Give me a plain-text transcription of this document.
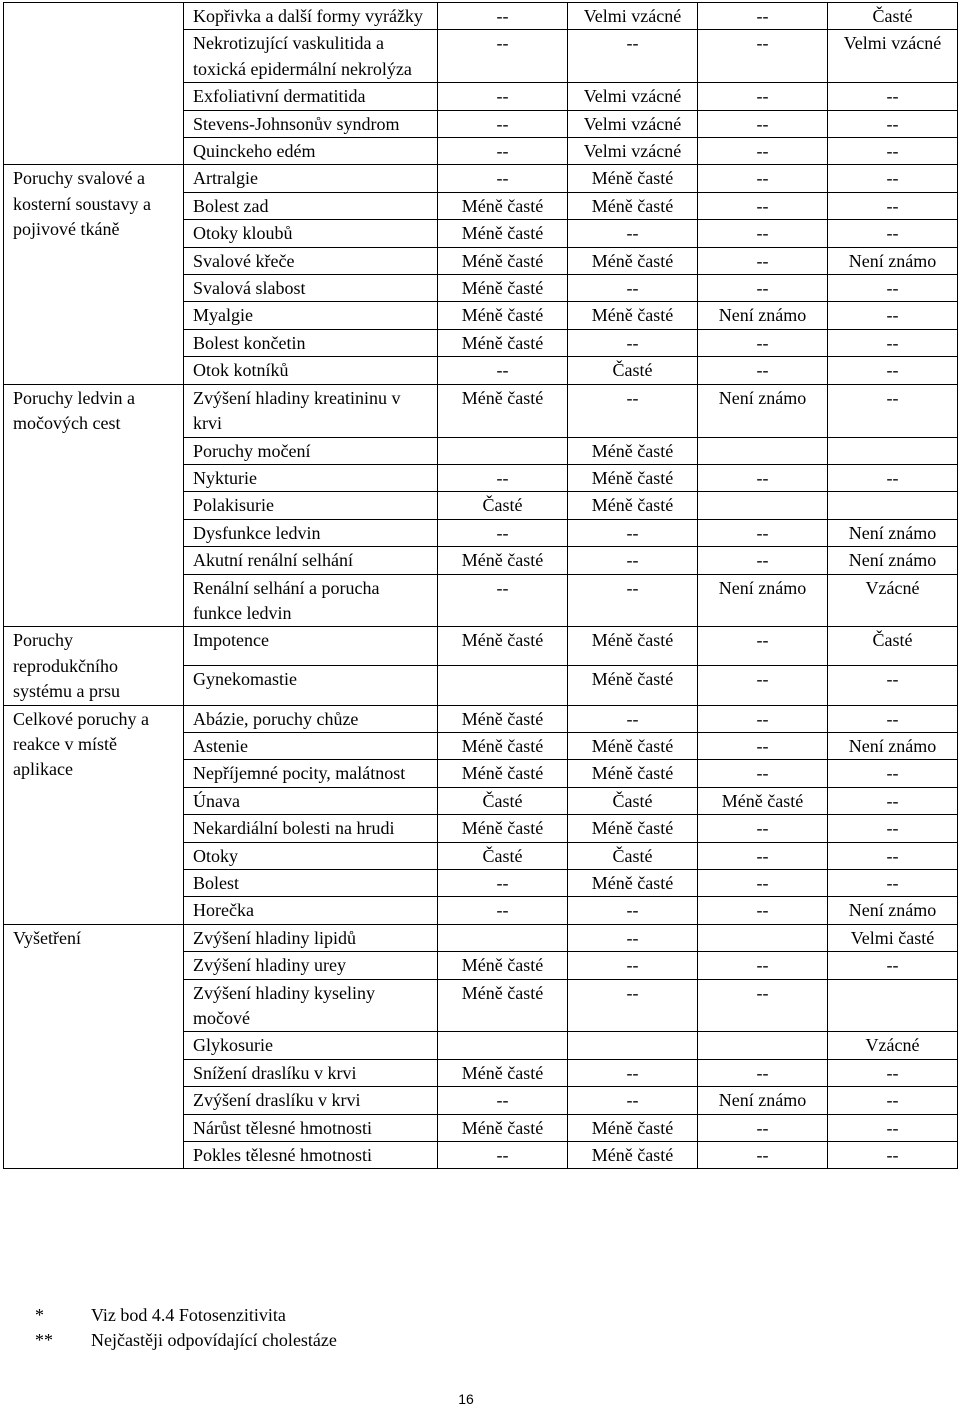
	Kopřivka a další formy vyrážky	--	Velmi vzácné	--	Časté
	Nekrotizující vaskulitida a toxická epidermální nekrolýza	--	--	--	Velmi vzácné
	Exfoliativní dermatitida	--	Velmi vzácné	--	--
	Stevens-Johnsonův syndrom	--	Velmi vzácné	--	--
	Quinckeho edém	--	Velmi vzácné	--	--
Poruchy svalové a kosterní soustavy a pojivové tkáně	Artralgie	--	Méně časté	--	--
	Bolest zad	Méně časté	Méně časté	--	--
	Otoky kloubů	Méně časté	--	--	--
	Svalové křeče	Méně časté	Méně časté	--	Není známo
	Svalová slabost	Méně časté	--	--	--
	Myalgie	Méně časté	Méně časté	Není známo	--
	Bolest končetin	Méně časté	--	--	--
	Otok kotníků	--	Časté	--	--
Poruchy ledvin a močových cest	Zvýšení hladiny kreatininu v krvi	Méně časté	--	Není známo	--
	Poruchy močení		Méně časté		
	Nykturie	--	Méně časté	--	--
	Polakisurie	Časté	Méně časté		
	Dysfunkce ledvin	--	--	--	Není známo
	Akutní renální selhání	Méně časté	--	--	Není známo
	Renální selhání a porucha funkce ledvin	--	--	Není známo	Vzácné
Poruchy reprodukčního systému a prsu	Impotence	Méně časté	Méně časté	--	Časté
	Gynekomastie		Méně časté	--	--
Celkové poruchy a reakce v místě aplikace	Abázie, poruchy chůze	Méně časté	--	--	--
	Astenie	Méně časté	Méně časté	--	Není známo
	Nepříjemné pocity, malátnost	Méně časté	Méně časté	--	--
	Únava	Časté	Časté	Méně časté	--
	Nekardiální bolesti na hrudi	Méně časté	Méně časté	--	--
	Otoky	Časté	Časté	--	--
	Bolest	--	Méně časté	--	--
	Horečka	--	--	--	Není známo
Vyšetření	Zvýšení hladiny lipidů		--		Velmi časté
	Zvýšení hladiny urey	Méně časté	--	--	--
	Zvýšení hladiny kyseliny močové	Méně časté	--	--	
	Glykosurie				Vzácné
	Snížení draslíku v krvi	Méně časté	--	--	--
	Zvýšení draslíku v krvi	--	--	Není známo	--
	Nárůst tělesné hmotnosti	Méně časté	Méně časté	--	--
	Pokles tělesné hmotnosti	--	Méně časté	--	--
*	Viz bod 4.4 Fotosenzitivita
**	Nejčastěji odpovídající cholestáze
16
